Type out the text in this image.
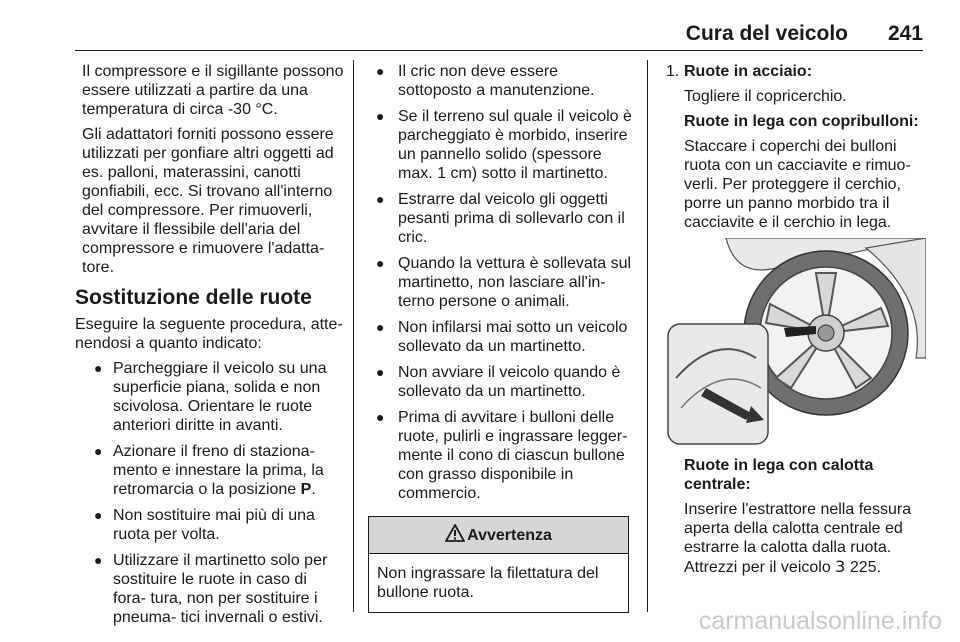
Cura del veicolo 241

Il compressore e il sigillante possono essere utilizzati a partire da una temperatura di circa -30 °C.

Gli adattatori forniti possono essere utilizzati per gonfiare altri oggetti ad es. palloni, materassini, canotti gonfiabili, ecc. Si trovano all'interno del compressore. Per rimuoverli, avvitare il flessibile dell'aria del compressore e rimuovere l'adatta- tore.

Sostituzione delle ruote

Eseguire la seguente procedura, atte- nendosi a quanto indicato:

● Parcheggiare il veicolo su una superficie piana, solida e non scivolosa. Orientare le ruote anteriori diritte in avanti.
● Azionare il freno di staziona- mento e innestare la prima, la retromarcia o la posizione P.
● Non sostituire mai più di una ruota per volta.
● Utilizzare il martinetto solo per sostituire le ruote in caso di fora- tura, non per sostituire i pneuma- tici invernali o estivi.
● Il cric non deve essere sottoposto a manutenzione.
● Se il terreno sul quale il veicolo è parcheggiato è morbido, inserire un pannello solido (spessore max. 1 cm) sotto il martinetto.
● Estrarre dal veicolo gli oggetti pesanti prima di sollevarlo con il cric.
● Quando la vettura è sollevata sul martinetto, non lasciare all'in- terno persone o animali.
● Non infilarsi mai sotto un veicolo sollevato da un martinetto.
● Non avviare il veicolo quando è sollevato da un martinetto.
● Prima di avvitare i bulloni delle ruote, pulirli e ingrassare legger- mente il cono di ciascun bullone con grasso disponibile in commercio.
Avvertenza
Non ingrassare la filettatura del bullone ruota.
1. Ruote in acciaio:

Togliere il copricerchio.

Ruote in lega con copribulloni:

Staccare i coperchi dei bulloni ruota con un cacciavite e rimuo- verli. Per proteggere il cerchio, porre un panno morbido tra il cacciavite e il cerchio in lega.

Ruote in lega con calotta centrale:

Inserire l'estrattore nella fessura aperta della calotta centrale ed estrarre la calotta dalla ruota. Attrezzi per il veicolo 3 225.

carmanualsonline.info
